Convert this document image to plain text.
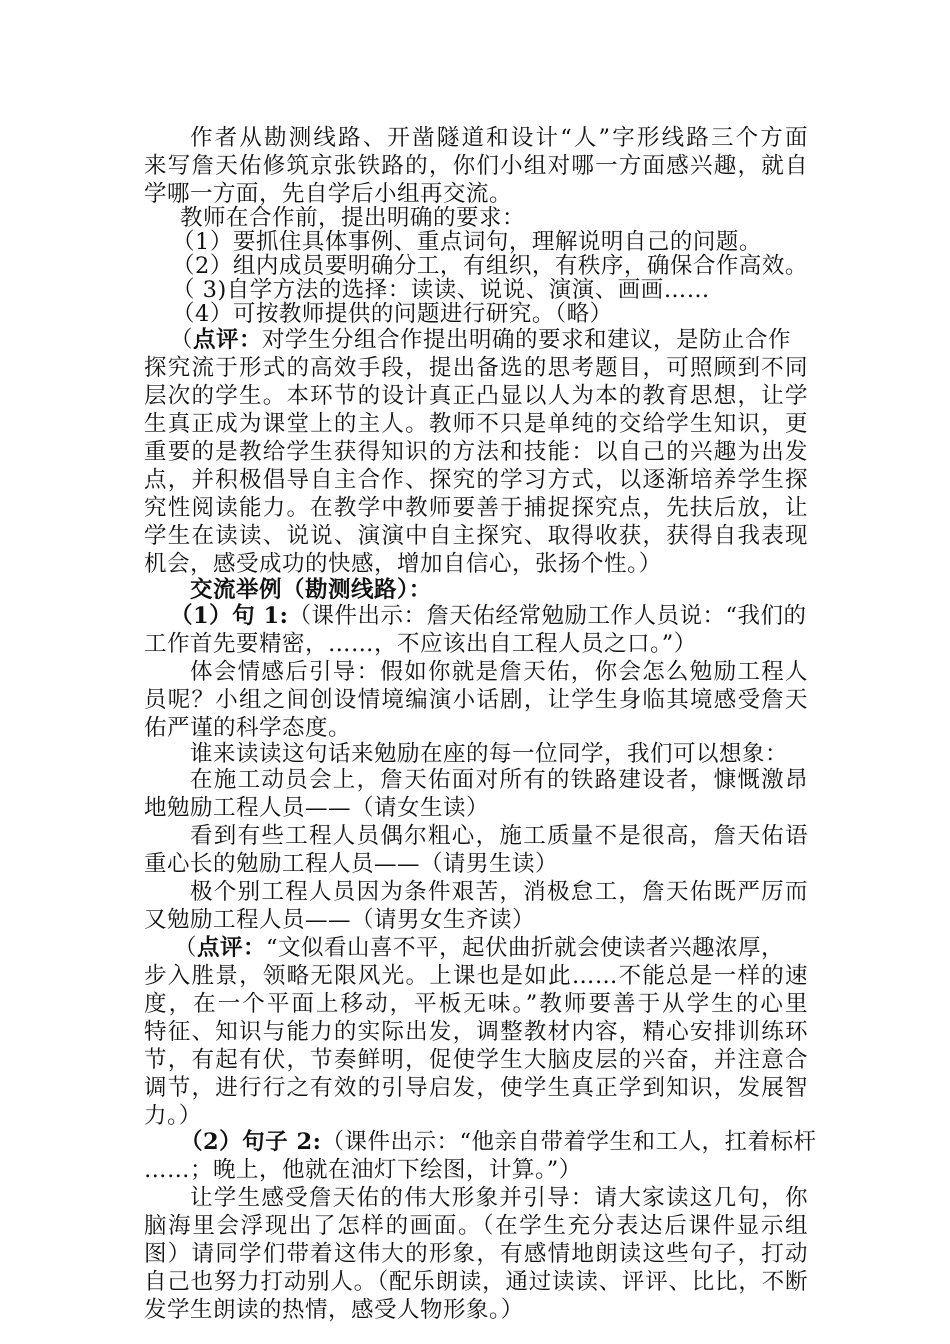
作者从勘测线路、开凿隧道和设计“人”字形线路三个方面
来写詹天佑修筑京张铁路的，你们小组对哪一方面感兴趣，就自
学哪一方面，先自学后小组再交流。
教师在合作前，提出明确的要求：
（1）要抓住具体事例、重点词句，理解说明自己的问题。
（2）组内成员要明确分工，有组织，有秩序，确保合作高效。
（ 3)自学方法的选择：读读、说说、演演、画画……
（4）可按教师提供的问题进行研究。（略）
（点评：对学生分组合作提出明确的要求和建议，是防止合作
探究流于形式的高效手段，提出备选的思考题目，可照顾到不同
层次的学生。本环节的设计真正凸显以人为本的教育思想，让学
生真正成为课堂上的主人。教师不只是单纯的交给学生知识，更
重要的是教给学生获得知识的方法和技能：以自己的兴趣为出发
点，并积极倡导自主合作、探究的学习方式，以逐渐培养学生探
究性阅读能力。在教学中教师要善于捕捉探究点，先扶后放，让
学生在读读、说说、演演中自主探究、取得收获，获得自我表现
机会，感受成功的快感，增加自信心，张扬个性。）
交流举例（勘测线路）：
（1）句 1:（课件出示：詹天佑经常勉励工作人员说：“我们的
工作首先要精密，……，不应该出自工程人员之口。”）
体会情感后引导：假如你就是詹天佑，你会怎么勉励工程人
员呢？小组之间创设情境编演小话剧，让学生身临其境感受詹天
佑严谨的科学态度。
谁来读读这句话来勉励在座的每一位同学，我们可以想象：
在施工动员会上，詹天佑面对所有的铁路建设者，慷慨激昂
地勉励工程人员——（请女生读）
看到有些工程人员偶尔粗心，施工质量不是很高，詹天佑语
重心长的勉励工程人员——（请男生读）
极个别工程人员因为条件艰苦，消极怠工，詹天佑既严厉而
又勉励工程人员——（请男女生齐读）
（点评：“文似看山喜不平，起伏曲折就会使读者兴趣浓厚，
步入胜景，领略无限风光。上课也是如此……不能总是一样的速
度，在一个平面上移动，平板无味。”教师要善于从学生的心里
特征、知识与能力的实际出发，调整教材内容，精心安排训练环
节，有起有伏，节奏鲜明，促使学生大脑皮层的兴奋，并注意合
调节，进行行之有效的引导启发，使学生真正学到知识，发展智
力。）
（2）句子 2:（课件出示：“他亲自带着学生和工人，扛着标杆
……；晚上，他就在油灯下绘图，计算。”）
让学生感受詹天佑的伟大形象并引导：请大家读这几句，你
脑海里会浮现出了怎样的画面。（在学生充分表达后课件显示组
图）请同学们带着这伟大的形象，有感情地朗读这些句子，打动
自己也努力打动别人。（配乐朗读，通过读读、评评、比比，不断
发学生朗读的热情，感受人物形象。）
